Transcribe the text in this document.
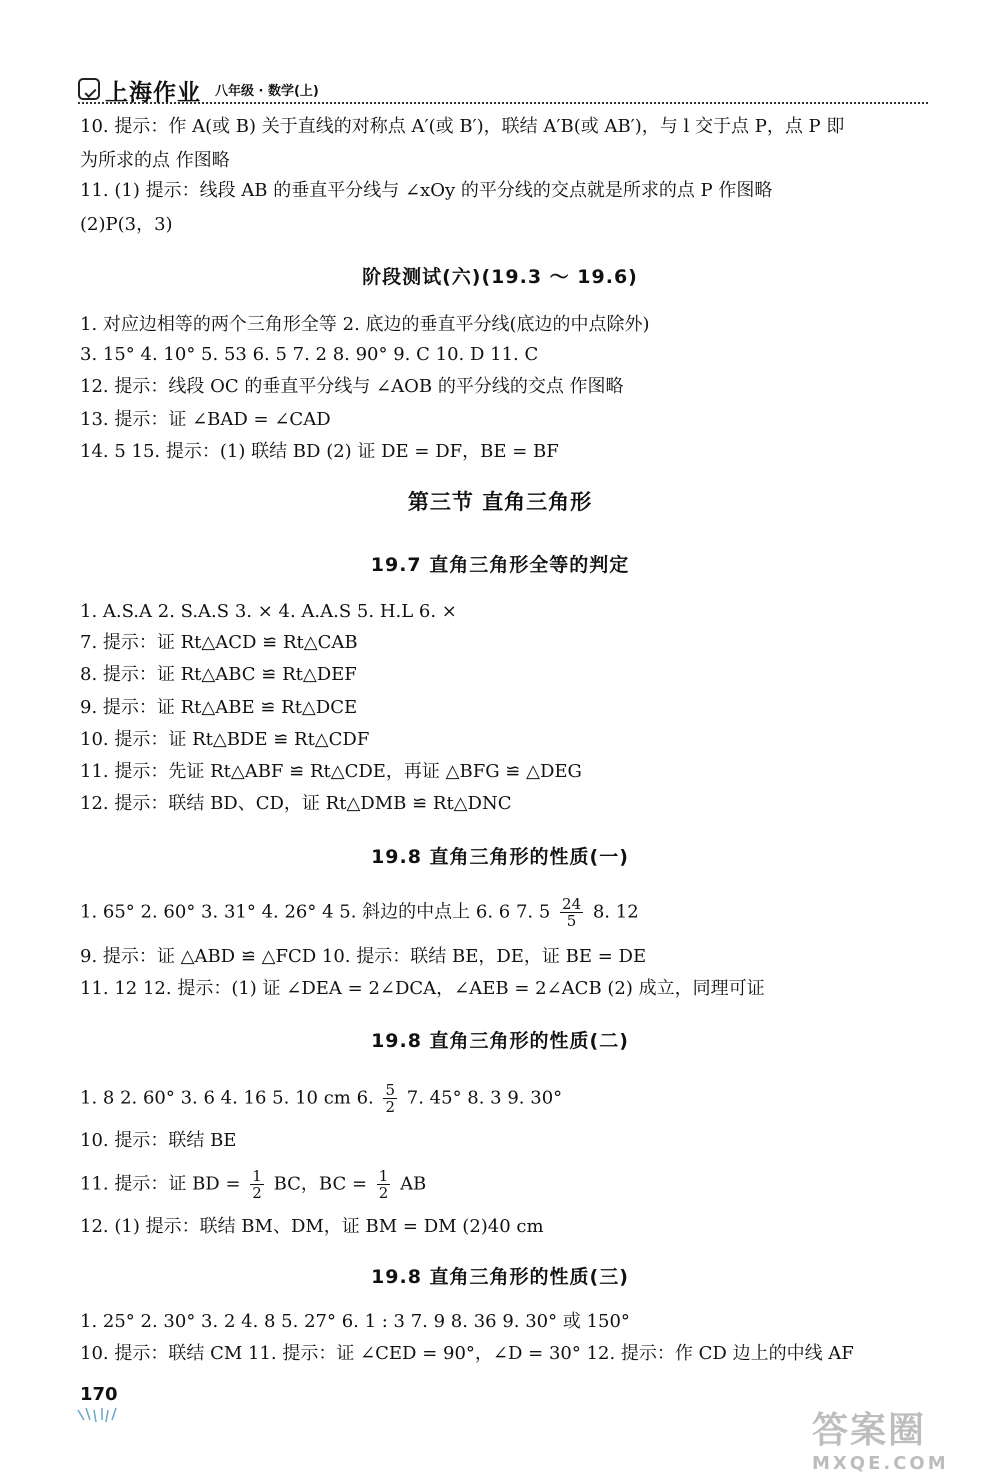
上海作业 八年级 · 数学(上)
10. 提示：作 A(或 B) 关于直线的对称点 A′(或 B′)，联结 A′B(或 AB′)，与 l 交于点 P，点 P 即
为所求的点 作图略
11. (1) 提示：线段 AB 的垂直平分线与 ∠xOy 的平分线的交点就是所求的点 P 作图略
(2)P(3，3)
阶段测试(六)(19.3 ～ 19.6)
1. 对应边相等的两个三角形全等 2. 底边的垂直平分线(底边的中点除外)
3. 15° 4. 10° 5. 53 6. 5 7. 2 8. 90° 9. C 10. D 11. C
12. 提示：线段 OC 的垂直平分线与 ∠AOB 的平分线的交点 作图略
13. 提示：证 ∠BAD = ∠CAD
14. 5 15. 提示：(1) 联结 BD (2) 证 DE = DF，BE = BF
第三节 直角三角形
19.7 直角三角形全等的判定
1. A.S.A 2. S.A.S 3. × 4. A.A.S 5. H.L 6. ×
7. 提示：证 Rt△ACD ≌ Rt△CAB
8. 提示：证 Rt△ABC ≌ Rt△DEF
9. 提示：证 Rt△ABE ≌ Rt△DCE
10. 提示：证 Rt△BDE ≌ Rt△CDF
11. 提示：先证 Rt△ABF ≌ Rt△CDE，再证 △BFG ≌ △DEG
12. 提示：联结 BD、CD，证 Rt△DMB ≌ Rt△DNC
19.8 直角三角形的性质(一)
1. 65° 2. 60° 3. 31° 4. 26° 4 5. 斜边的中点上 6. 6 7. $5 \frac{24}{5} 8$. 12
9. 提示：证 △ABD ≌ △FCD 10. 提示：联结 BE，DE，证 BE = DE
11. 12 12. 提示：(1) 证 ∠DEA = 2∠DCA，∠AEB = 2∠ACB (2) 成立，同理可证
19.8 直角三角形的性质(二)
1. 8 2. 60° 3. 6 4. 16 5. 10 cm 6. $\frac{5}{2} 7$. 45° 8. 3 9. 30°
10. 提示：联结 BE
11. 提示：证 BD = $\frac{1}{2}$ BC，BC = $\frac{1}{2}$ AB
12. (1) 提示：联结 BM、DM，证 BM = DM (2)40 cm
19.8 直角三角形的性质(三)
1. 25° 2. 30° 3. 2 4. 8 5. 27° 6. 1 : 3 7. 9 8. 36 9. 30° 或 150°
10. 提示：联结 CM 11. 提示：证 ∠CED = 90°，∠D = 30° 12. 提示：作 CD 边上的中线 AF
170
答案圈
MXQE.COM
